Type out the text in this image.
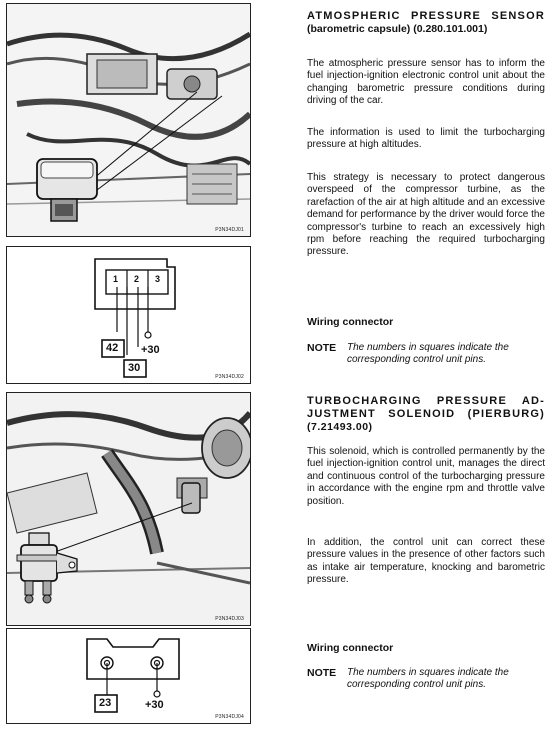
P3N34DJ01
1 2 3
42 +30
30
P3N34DJ02
P3N34DJ03
23	+30
P3N34DJ04
ATMOSPHERIC PRESSURE SENSOR
(barometric capsule) (0.280.101.001)
The atmospheric pressure sensor has to inform the fuel injection-ignition electronic control unit about the changing barometric pressure conditions during driving of the car.
The information is used to limit the turbocharging pressure at high altitudes.
This strategy is necessary to protect dangerous overspeed of the compressor turbine, as the rarefaction of the air at high altitude and an excessive demand for performance by the driver would force the compressor's turbine to reach an excessively high rpm before reaching the required turbocharging pressure.
Wiring connector
NOTE The numbers in squares indicate the corresponding control unit pins.
TURBOCHARGING PRESSURE AD-
JUSTMENT SOLENOID (PIERBURG)
(7.21493.00)
This solenoid, which is controlled permanently by the fuel injection-ignition control unit, manages the direct and continuous control of the turbocharging pressure in accordance with the engine rpm and throttle valve position.
In addition, the control unit can correct these pressure values in the presence of other factors such as intake air temperature, knocking and barometric pressure.
Wiring connector
NOTE The numbers in squares indicate the corresponding control unit pins.
